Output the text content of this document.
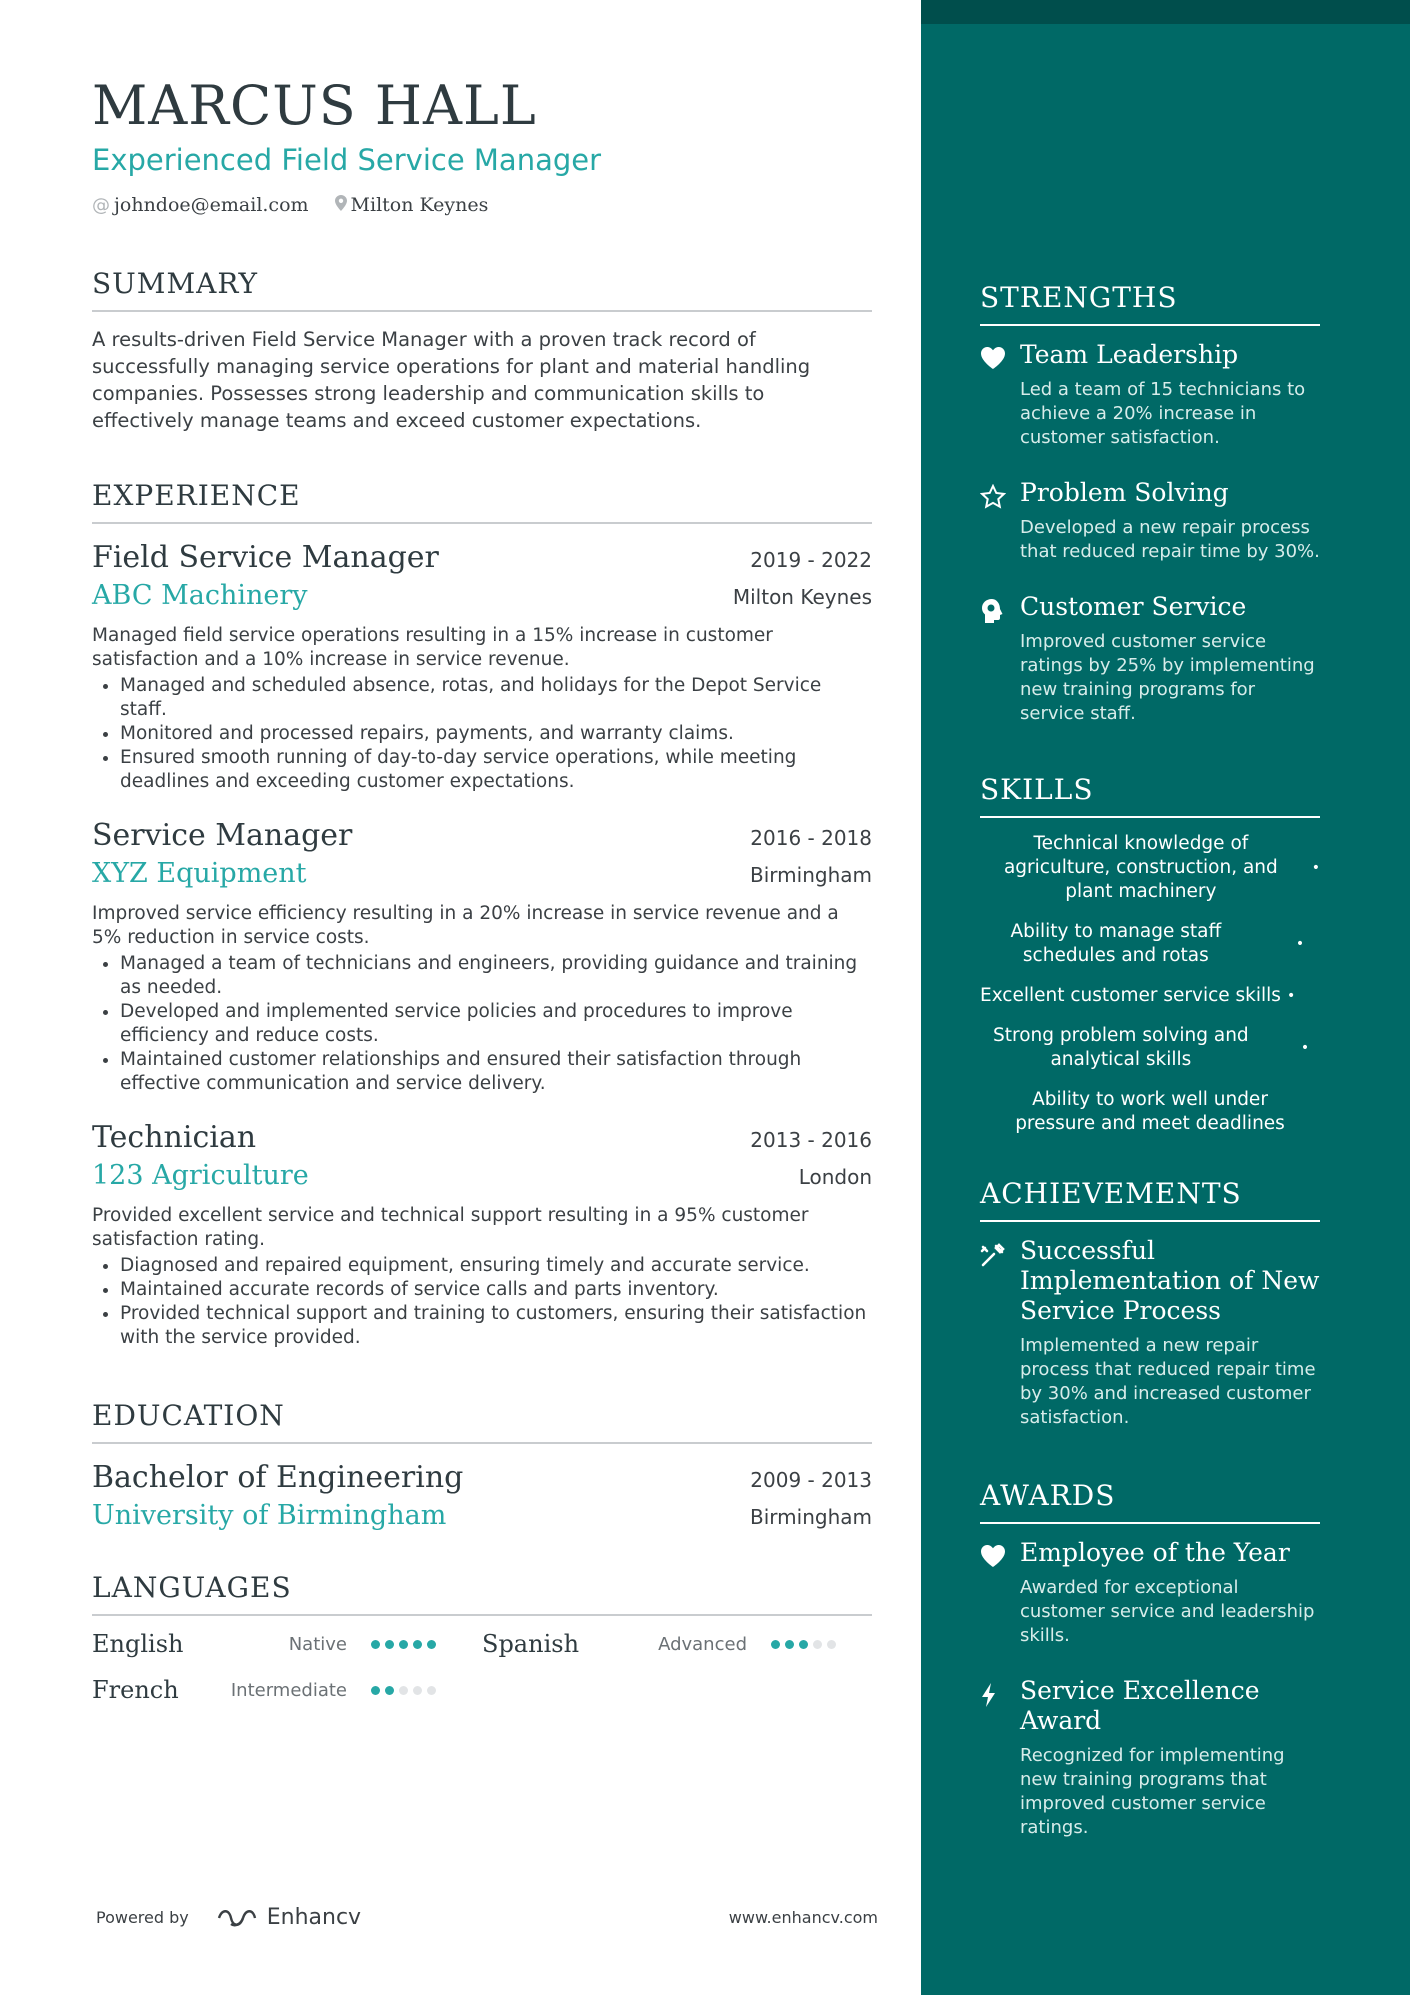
MARCUS HALL
Experienced Field Service Manager
@ johndoe@email.com Milton Keynes
SUMMARY
A results-driven Field Service Manager with a proven track record of successfully managing service operations for plant and material handling companies. Possesses strong leadership and communication skills to effectively manage teams and exceed customer expectations.
EXPERIENCE
Field Service Manager	2019 - 2022
ABC Machinery	Milton Keynes
Managed field service operations resulting in a 15% increase in customer satisfaction and a 10% increase in service revenue.
• Managed and scheduled absence, rotas, and holidays for the Depot Service staff.
• Monitored and processed repairs, payments, and warranty claims.
• Ensured smooth running of day-to-day service operations, while meeting deadlines and exceeding customer expectations.
Service Manager	2016 - 2018
XYZ Equipment	Birmingham
Improved service efficiency resulting in a 20% increase in service revenue and a 5% reduction in service costs.
• Managed a team of technicians and engineers, providing guidance and training as needed.
• Developed and implemented service policies and procedures to improve efficiency and reduce costs.
• Maintained customer relationships and ensured their satisfaction through effective communication and service delivery.
Technician	2013 - 2016
123 Agriculture	London
Provided excellent service and technical support resulting in a 95% customer satisfaction rating.
• Diagnosed and repaired equipment, ensuring timely and accurate service.
• Maintained accurate records of service calls and parts inventory.
• Provided technical support and training to customers, ensuring their satisfaction with the service provided.
EDUCATION
Bachelor of Engineering	2009 - 2013
University of Birmingham	Birmingham
LANGUAGES
English	Native	Spanish	Advanced
French	Intermediate
Powered by	Enhancv	www.enhancv.com
STRENGTHS
Team Leadership
Led a team of 15 technicians to achieve a 20% increase in customer satisfaction.
Problem Solving
Developed a new repair process that reduced repair time by 30%.
Customer Service
Improved customer service ratings by 25% by implementing new training programs for service staff.
SKILLS
Technical knowledge of agriculture, construction, and plant machinery
•
Ability to manage staff schedules and rotas
•
Excellent customer service skills •
Strong problem solving and analytical skills
•
Ability to work well under pressure and meet deadlines
ACHIEVEMENTS
Successful Implementation of New Service Process
Implemented a new repair process that reduced repair time by 30% and increased customer satisfaction.
AWARDS
Employee of the Year
Awarded for exceptional customer service and leadership skills.
Service Excellence Award
Recognized for implementing new training programs that improved customer service ratings.
